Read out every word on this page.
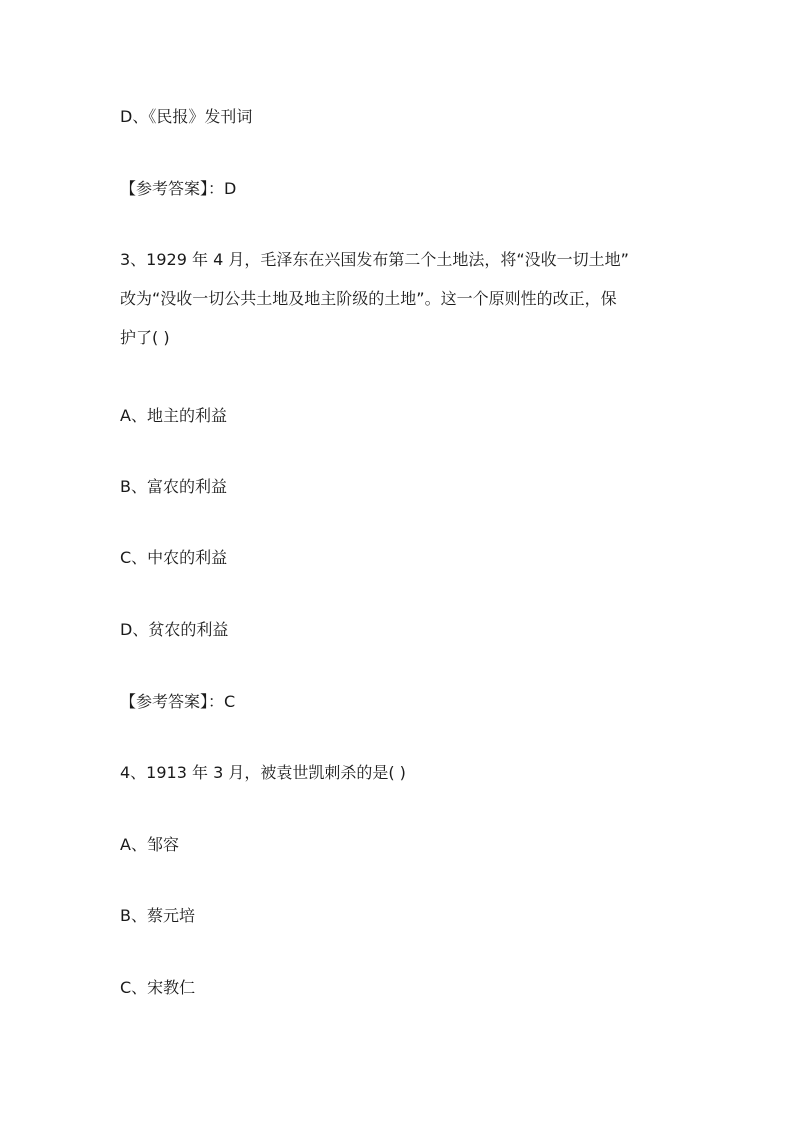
D、《民报》发刊词
【参考答案】：D
3、1929 年 4 月，毛泽东在兴国发布第二个土地法，将“没收一切土地”
改为“没收一切公共土地及地主阶级的土地”。这一个原则性的改正，保
护了( )
A、地主的利益
B、富农的利益
C、中农的利益
D、贫农的利益
【参考答案】：C
4、1913 年 3 月，被袁世凯刺杀的是( )
A、邹容
B、蔡元培
C、宋教仁
